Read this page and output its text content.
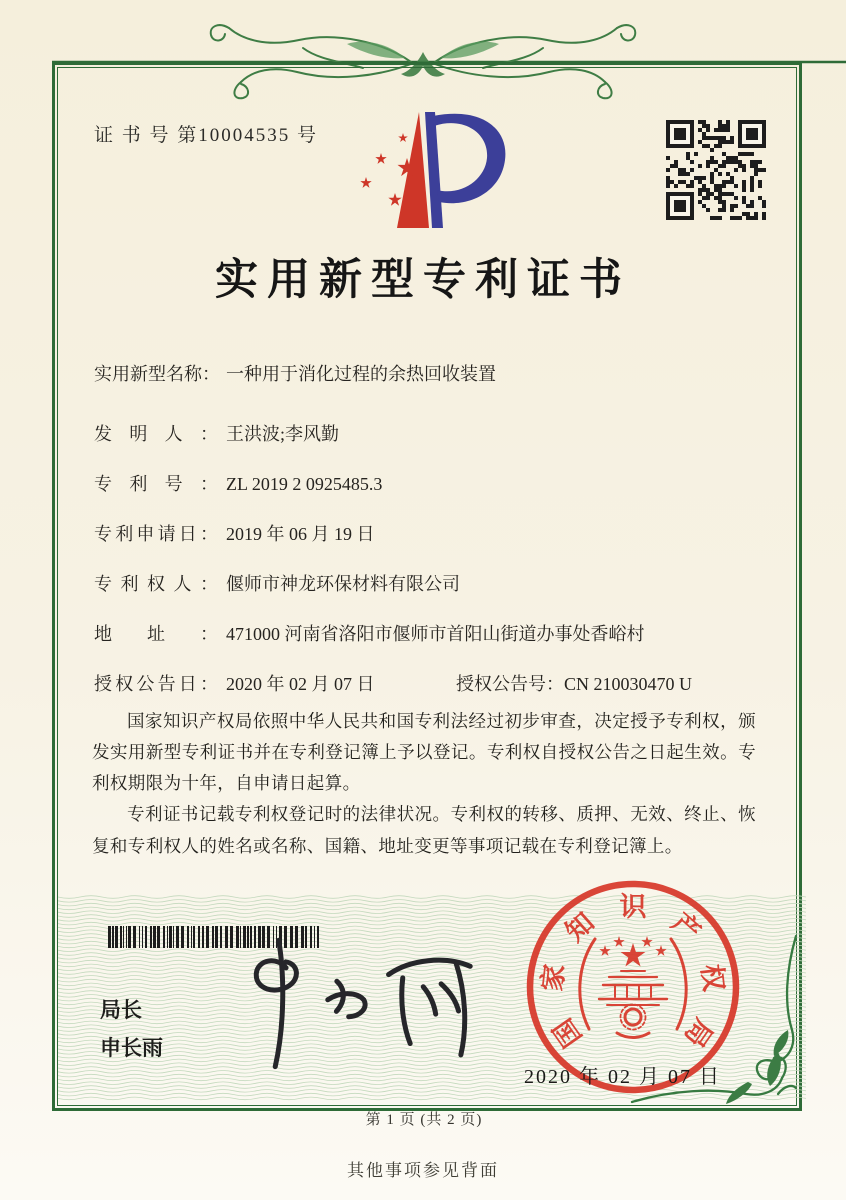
证 书 号 第10004535 号
实用新型专利证书
实用新型名称： 一种用于消化过程的余热回收装置
发明人： 王洪波;李风勤
专利号： ZL 2019 2 0925485.3
专利申请日： 2019 年 06 月 19 日
专利权人： 偃师市神龙环保材料有限公司
地址： 471000 河南省洛阳市偃师市首阳山街道办事处香峪村
授权公告日： 2020 年 02 月 07 日	授权公告号：CN 210030470 U

国家知识产权局依照中华人民共和国专利法经过初步审查，决定授予专利权，颁发实用新型专利证书并在专利登记簿上予以登记。专利权自授权公告之日起生效。专利权期限为十年，自申请日起算。

专利证书记载专利权登记时的法律状况。专利权的转移、质押、无效、终止、恢复和专利权人的姓名或名称、国籍、地址变更等事项记载在专利登记簿上。

局长
申长雨	国
家
知
识
产
权
局
2020 年 02 月 07 日
第 1 页 (共 2 页)
其他事项参见背面
